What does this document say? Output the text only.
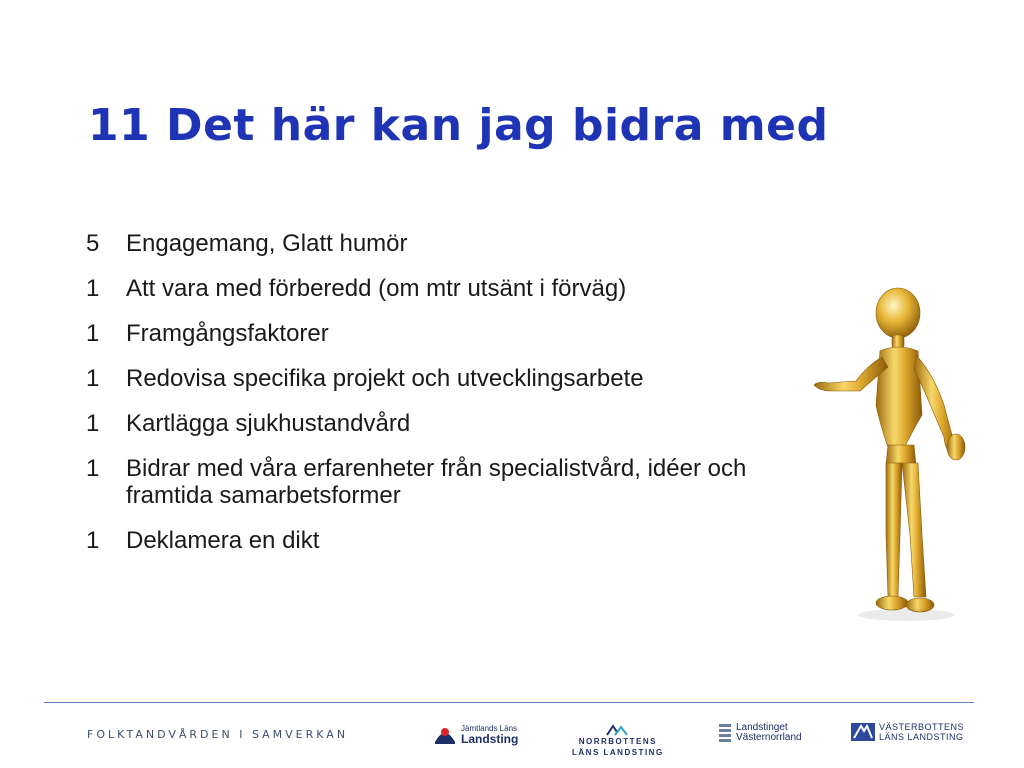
11 Det här kan jag bidra med
5	Engagemang, Glatt humör
1	Att vara med förberedd (om mtr utsänt i förväg)
1	Framgångsfaktorer
1	Redovisa specifika projekt och utvecklingsarbete
1	Kartlägga sjukhustandvård
1	Bidrar med våra erfarenheter från specialistvård, idéer och framtida samarbetsformer
1	Deklamera en dikt
FOLKTANDVÅRDEN I SAMVERKAN	Jämtlands Läns
Landsting	NORRBOTTENS
LÄNS LANDSTING
Landstinget
Västernorrland
VÄSTERBOTTENS
LÄNS LANDSTING
